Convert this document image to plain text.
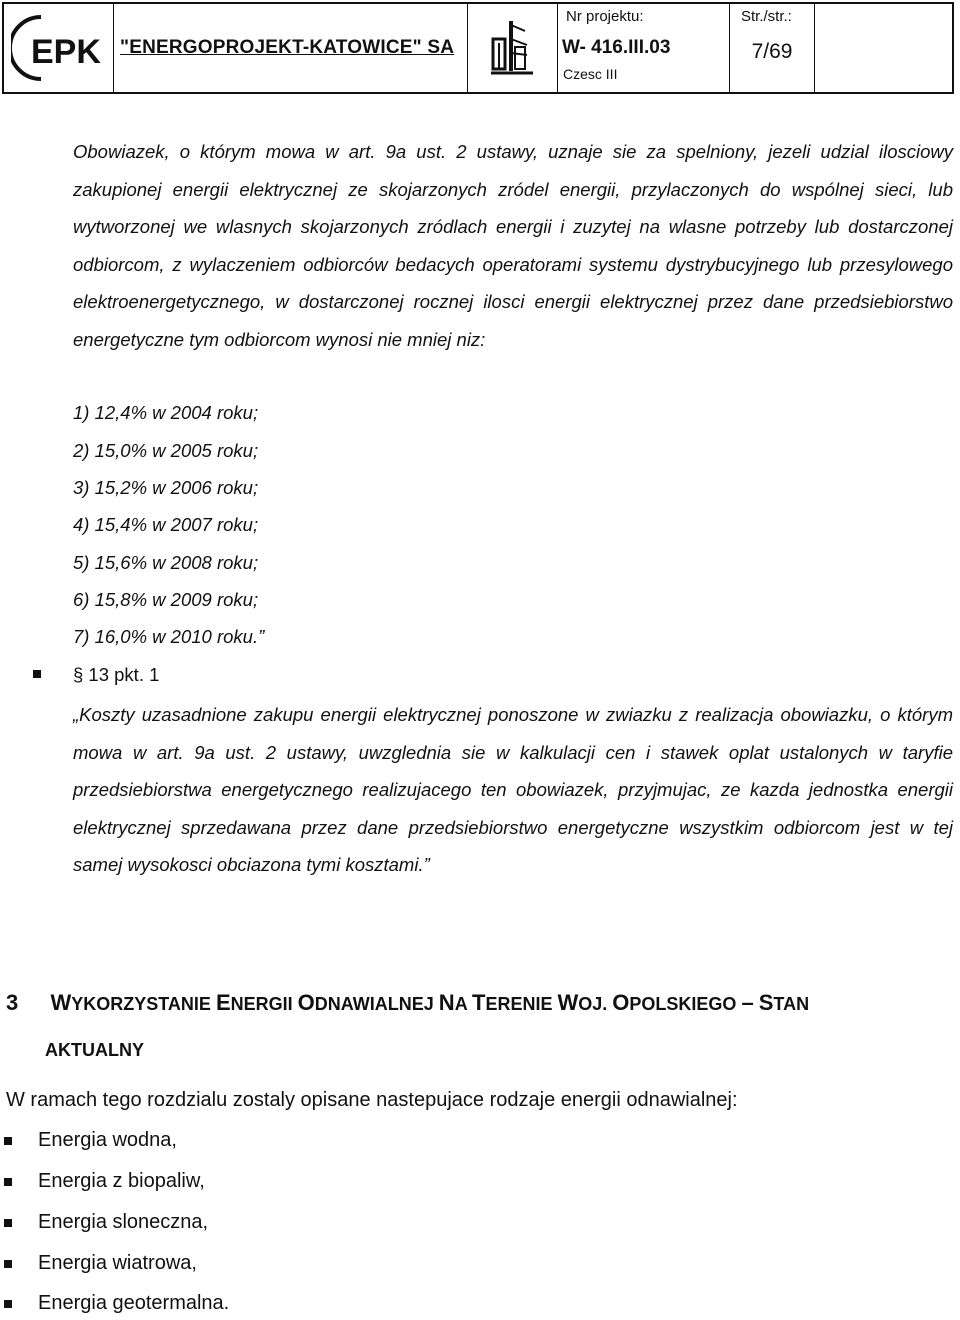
EPK "ENERGOPROJEKT-KATOWICE" SA
Nr projektu:
W- 416.III.03
Czesc III
Str./str.:
7/69
Obowiazek, o którym mowa w art. 9a ust. 2 ustawy, uznaje sie za spelniony, jezeli udzial ilosciowy zakupionej energii elektrycznej ze skojarzonych zródel energii, przylaczonych do wspólnej sieci, lub wytworzonej we wlasnych skojarzonych zródlach energii i zuzytej na wlasne potrzeby lub dostarczonej odbiorcom, z wylaczeniem odbiorców bedacych operatorami systemu dystrybucyjnego lub przesylowego elektroenergetycznego, w dostarczonej rocznej ilosci energii elektrycznej przez dane przedsiebiorstwo energetyczne tym odbiorcom wynosi nie mniej niz:
1) 12,4% w 2004 roku;
2) 15,0% w 2005 roku;
3) 15,2% w 2006 roku;
4) 15,4% w 2007 roku;
5) 15,6% w 2008 roku;
6) 15,8% w 2009 roku;
7) 16,0% w 2010 roku.”
§ 13 pkt. 1
„Koszty uzasadnione zakupu energii elektrycznej ponoszone w zwiazku z realizacja obowiazku, o którym mowa w art. 9a ust. 2 ustawy, uwzglednia sie w kalkulacji cen i stawek oplat ustalonych w taryfie przedsiebiorstwa energetycznego realizujacego ten obowiazek, przyjmujac, ze kazda jednostka energii elektrycznej sprzedawana przez dane przedsiebiorstwo energetyczne wszystkim odbiorcom jest w tej samej wysokosci obciazona tymi kosztami.”
3 WYKORZYSTANIE ENERGII ODNAWIALNEJ NA TERENIE WOJ. OPOLSKIEGO – STAN
AKTUALNY
W ramach tego rozdzialu zostaly opisane nastepujace rodzaje energii odnawialnej:
Energia wodna,
Energia z biopaliw,
Energia sloneczna,
Energia wiatrowa,
Energia geotermalna.
